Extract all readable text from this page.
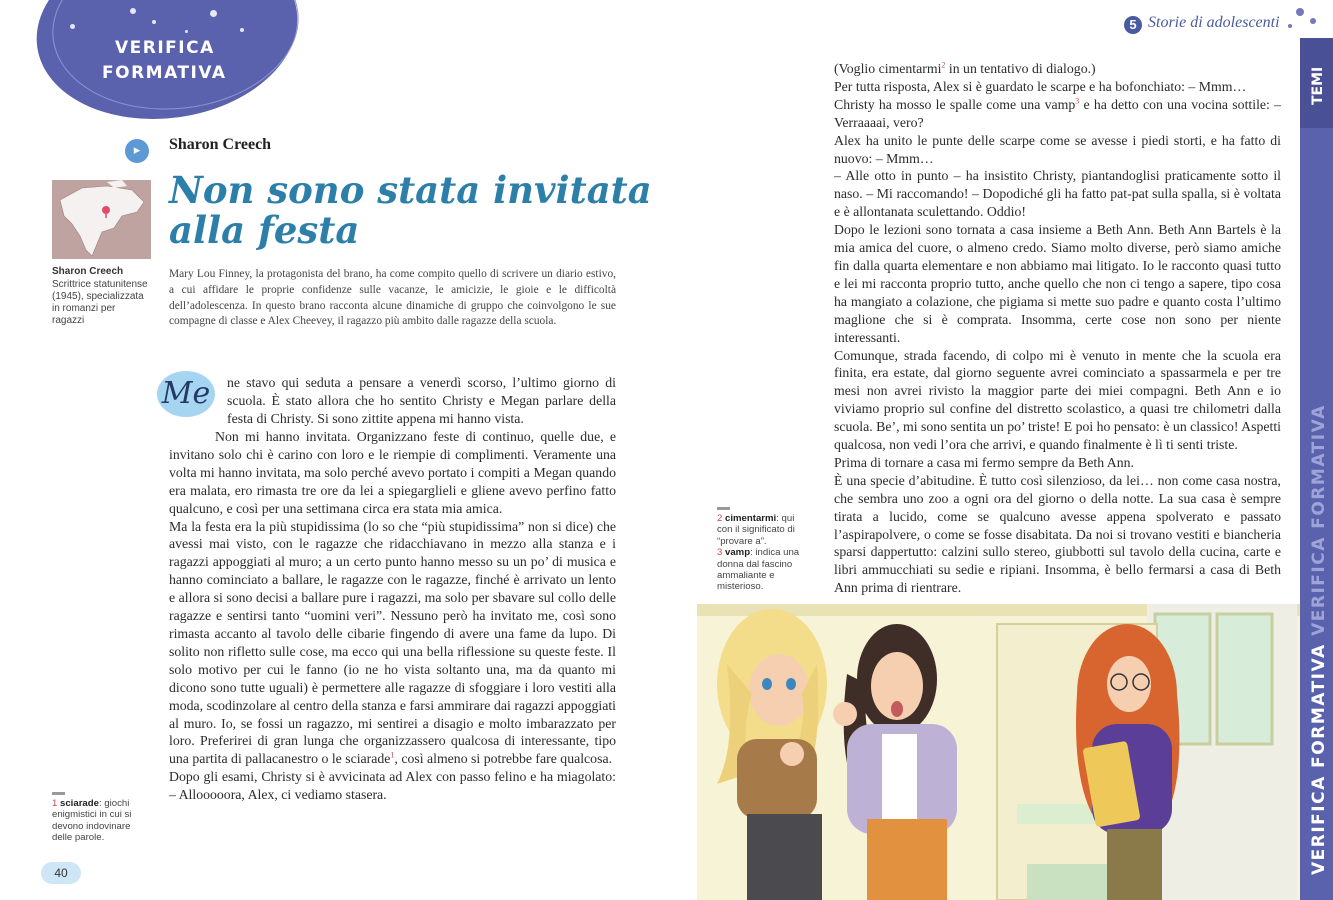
VERIFICA
FORMATIVA
▸	Sharon Creech
Non sono stata invitata
alla festa
Sharon Creech
Scrittrice statunitense (1945), specializzata in romanzi per ragazzi
Mary Lou Finney, la protagonista del brano, ha come compito quello di scrivere un diario estivo, a cui affidare le proprie confidenze sulle vacanze, le amicizie, le gioie e le difficoltà dell’adolescenza. In questo brano racconta alcune dinamiche di gruppo che coinvolgono le sue compagne di classe e Alex Cheevey, il ragazzo più ambito dalle ragazze della scuola.
Me	ne stavo qui seduta a pensare a venerdì scorso, l’ultimo giorno di scuola. È stato allora che ho sentito Christy e Megan parlare della festa di Christy. Si sono zittite appena mi hanno vista.

Non mi hanno invitata. Organizzano feste di continuo, quelle due, e invitano solo chi è carino con loro e le riempie di complimenti. Veramente una volta mi hanno invitata, ma solo perché avevo portato i compiti a Megan quando era malata, ero rimasta tre ore da lei a spiegarglieli e gliene avevo perfino fatto qualcuno, e così per una settimana circa era stata mia amica.

Ma la festa era la più stupidissima (lo so che “più stupidissima” non si dice) che avessi mai visto, con le ragazze che ridacchiavano in mezzo alla stanza e i ragazzi appoggiati al muro; a un certo punto hanno messo su un po’ di musica e hanno cominciato a ballare, le ragazze con le ragazze, finché è arrivato un lento e allora si sono decisi a ballare pure i ragazzi, ma solo per sbavare sul collo delle ragazze e sentirsi tanto “uomini veri”. Nessuno però ha invitato me, così sono rimasta accanto al tavolo delle cibarie fingendo di avere una fame da lupo. Di solito non rifletto sulle cose, ma ecco qui una bella riflessione su queste feste. Il solo motivo per cui le fanno (io ne ho vista soltanto una, ma da quanto mi dicono sono tutte uguali) è permettere alle ragazze di sfoggiare i loro vestiti alla moda, scodinzolare al centro della stanza e farsi ammirare dai ragazzi appoggiati al muro. Io, se fossi un ragazzo, mi sentirei a disagio e molto imbarazzato per loro. Preferirei di gran lunga che organizzassero qualcosa di interessante, tipo una partita di pallacanestro o le sciarade$^1$, così almeno si potrebbe fare qualcosa.

Dopo gli esami, Christy si è avvicinata ad Alex con passo felino e ha miagolato: – Allooooora, Alex, ci vediamo stasera.

1 sciarade: giochi enigmistici in cui si devono indovinare delle parole.
40
5 Storie di adolescenti
TEMI
VERIFICA FORMATIVA VERIFICA FORMATIVA

(Voglio cimentarmi$^2$ in un tentativo di dialogo.)

Per tutta risposta, Alex si è guardato le scarpe e ha bofonchiato: – Mmm…

Christy ha mosso le spalle come una vamp$^3$ e ha detto con una vocina sottile: – Verraaaai, vero?

Alex ha unito le punte delle scarpe come se avesse i piedi storti, e ha fatto di nuovo: – Mmm…

– Alle otto in punto – ha insistito Christy, piantandoglisi praticamente sotto il naso. – Mi raccomando! – Dopodiché gli ha fatto pat-pat sulla spalla, si è voltata e è allontanata sculettando. Oddio!

Dopo le lezioni sono tornata a casa insieme a Beth Ann. Beth Ann Bartels è la mia amica del cuore, o almeno credo. Siamo molto diverse, però siamo amiche fin dalla quarta elementare e non abbiamo mai litigato. Io le racconto quasi tutto e lei mi racconta proprio tutto, anche quello che non ci tengo a sapere, tipo cosa ha mangiato a colazione, che pigiama si mette suo padre e quanto costa l’ultimo maglione che si è comprata. Insomma, certe cose non sono per niente interessanti.

Comunque, strada facendo, di colpo mi è venuto in mente che la scuola era finita, era estate, dal giorno seguente avrei cominciato a spassarmela e per tre mesi non avrei rivisto la maggior parte dei miei compagni. Beth Ann e io viviamo proprio sul confine del distretto scolastico, a quasi tre chilometri dalla scuola. Be’, mi sono sentita un po’ triste! E poi ho pensato: è un classico! Aspetti qualcosa, non vedi l’ora che arrivi, e quando finalmente è lì ti senti triste.

Prima di tornare a casa mi fermo sempre da Beth Ann.

È una specie d’abitudine. È tutto così silenzioso, da lei… non come casa nostra, che sembra uno zoo a ogni ora del giorno o della notte. La sua casa è sempre tirata a lucido, come se qualcuno avesse appena spolverato e passato l’aspirapolvere, o come se fosse disabitata. Da noi si trovano vestiti e biancheria sparsi dappertutto: calzini sullo stereo, giubbotti sul tavolo della cucina, carte e libri ammucchiati su sedie e ripiani. Insomma, è bello fermarsi a casa di Beth Ann prima di rientrare.

2 cimentarmi: qui con il significato di “provare a”.
3 vamp: indica una donna dal fascino ammaliante e misterioso.
